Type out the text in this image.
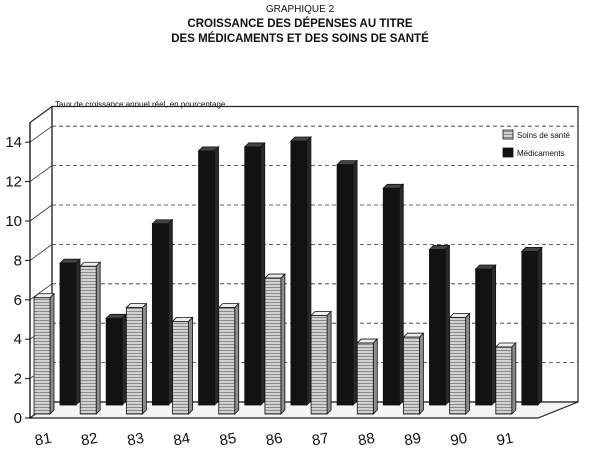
GRAPHIQUE 2

CROISSANCE DES DÉPENSES AU TITRE

DES MÉDICAMENTS ET DES SOINS DE SANTÉ

Taux de croissance annuel réel, en pourcentage
0
2
4
6
8
10
12
14
81 82 83 84 85 86 87 88 89 90 91
Soins de santé
Médicaments
